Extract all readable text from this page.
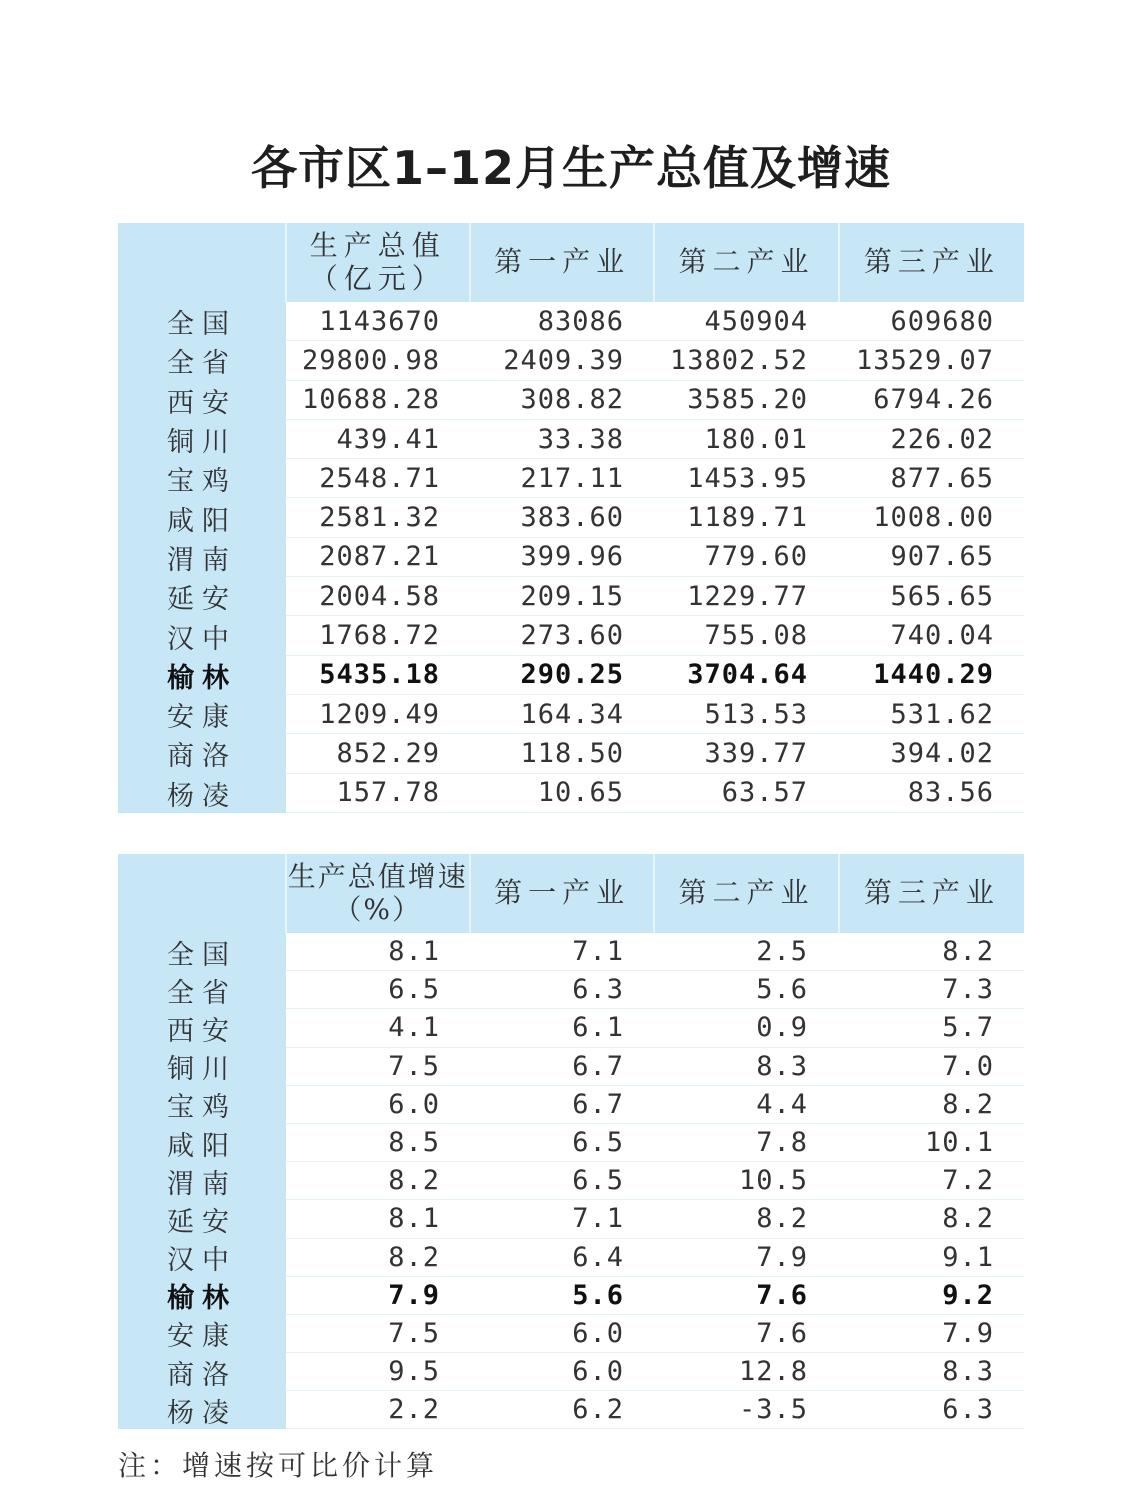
各市区1–12月生产总值及增速
生产总值
（亿元）	第一产业	第二产业	第三产业
全国	1143670	83086	450904	609680
全省	29800.98	2409.39	13802.52	13529.07
西安	10688.28	308.82	3585.20	6794.26
铜川	439.41	33.38	180.01	226.02
宝鸡	2548.71	217.11	1453.95	877.65
咸阳	2581.32	383.60	1189.71	1008.00
渭南	2087.21	399.96	779.60	907.65
延安	2004.58	209.15	1229.77	565.65
汉中	1768.72	273.60	755.08	740.04
榆林	5435.18	290.25	3704.64	1440.29
安康	1209.49	164.34	513.53	531.62
商洛	852.29	118.50	339.77	394.02
杨凌	157.78	10.65	63.57	83.56
生产总值增速
（%）	第一产业	第二产业	第三产业
全国	8.1	7.1	2.5	8.2
全省	6.5	6.3	5.6	7.3
西安	4.1	6.1	0.9	5.7
铜川	7.5	6.7	8.3	7.0
宝鸡	6.0	6.7	4.4	8.2
咸阳	8.5	6.5	7.8	10.1
渭南	8.2	6.5	10.5	7.2
延安	8.1	7.1	8.2	8.2
汉中	8.2	6.4	7.9	9.1
榆林	7.9	5.6	7.6	9.2
安康	7.5	6.0	7.6	7.9
商洛	9.5	6.0	12.8	8.3
杨凌	2.2	6.2	-3.5	6.3
注：增速按可比价计算
